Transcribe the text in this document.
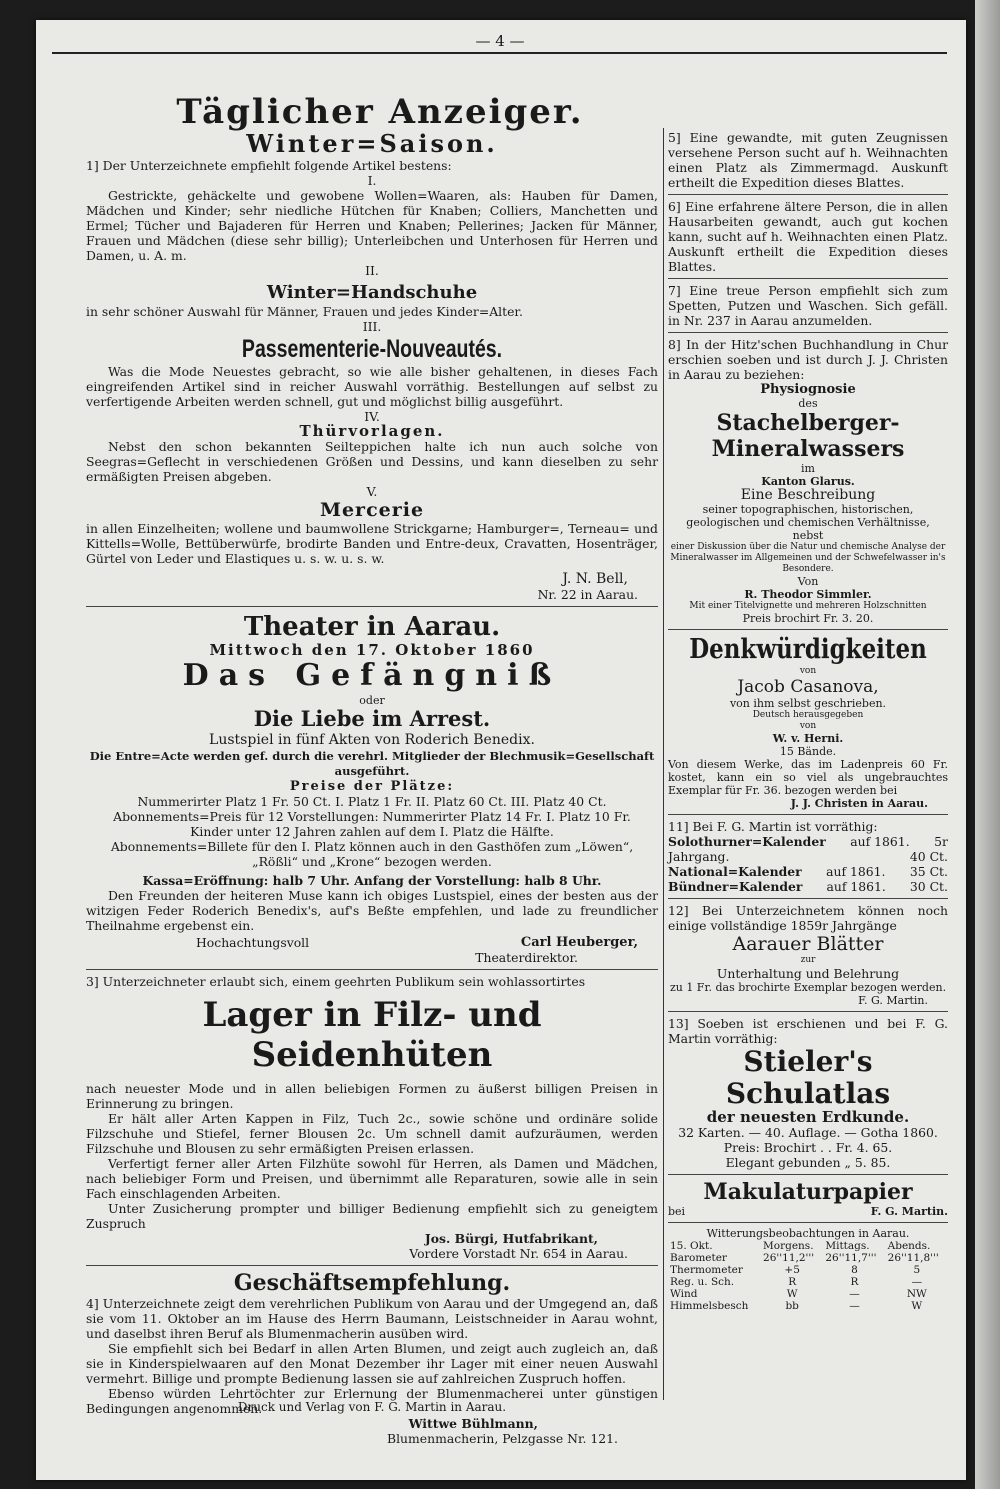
— 4 —
Täglicher Anzeiger.
Winter=Saison.

1] Der Unterzeichnete empfiehlt folgende Artikel bestens:

I.

Gestrickte, gehäckelte und gewobene Wollen=Waaren, als: Hauben für Damen, Mädchen und Kinder; sehr niedliche Hütchen für Knaben; Colliers, Manchetten und Ermel; Tücher und Bajaderen für Herren und Knaben; Pellerines; Jacken für Männer, Frauen und Mädchen (diese sehr billig); Unterleibchen und Unterhosen für Herren und Damen, u. A. m.

II.

Winter=Handschuhe

in sehr schöner Auswahl für Männer, Frauen und jedes Kinder=Alter.

III.

Passementerie-Nouveautés.

Was die Mode Neuestes gebracht, so wie alle bisher gehaltenen, in dieses Fach eingreifenden Artikel sind in reicher Auswahl vorräthig. Bestellungen auf selbst zu verfertigende Arbeiten werden schnell, gut und möglichst billig ausgeführt.

IV.

Thürvorlagen.

Nebst den schon bekannten Seilteppichen halte ich nun auch solche von Seegras=Geflecht in verschiedenen Größen und Dessins, und kann dieselben zu sehr ermäßigten Preisen abgeben.

V.

Mercerie

in allen Einzelheiten; wollene und baumwollene Strickgarne; Hamburger=, Terneau= und Kittells=Wolle, Bettüberwürfe, brodirte Banden und Entre-deux, Cravatten, Hosenträger, Gürtel von Leder und Elastiques u. s. w. u. s. w.

J. N. Bell,

Nr. 22 in Aarau.

Theater in Aarau.
Mittwoch den 17. Oktober 1860
Das Gefängniß

oder

Die Liebe im Arrest.

Lustspiel in fünf Akten von Roderich Benedix.

Die Entre=Acte werden gef. durch die verehrl. Mitglieder der Blechmusik=Gesellschaft ausgeführt.

Preise der Plätze:

Nummerirter Platz 1 Fr. 50 Ct. I. Platz 1 Fr. II. Platz 60 Ct. III. Platz 40 Ct.

Abonnements=Preis für 12 Vorstellungen: Nummerirter Platz 14 Fr. I. Platz 10 Fr.

Kinder unter 12 Jahren zahlen auf dem I. Platz die Hälfte.

Abonnements=Billete für den I. Platz können auch in den Gasthöfen zum „Löwen“, „Rößli“ und „Krone“ bezogen werden.

Kassa=Eröffnung: halb 7 Uhr. Anfang der Vorstellung: halb 8 Uhr.

Den Freunden der heiteren Muse kann ich obiges Lustspiel, eines der besten aus der witzigen Feder Roderich Benedix's, auf's Beßte empfehlen, und lade zu freundlicher Theilnahme ergebenst ein.

Hochachtungsvoll	Carl Heuberger,

Theaterdirektor.

3] Unterzeichneter erlaubt sich, einem geehrten Publikum sein wohlassortirtes

Lager in Filz- und Seidenhüten

nach neuester Mode und in allen beliebigen Formen zu äußerst billigen Preisen in Erinnerung zu bringen.

Er hält aller Arten Kappen in Filz, Tuch 2c., sowie schöne und ordinäre solide Filzschuhe und Stiefel, ferner Blousen 2c. Um schnell damit aufzuräumen, werden Filzschuhe und Blousen zu sehr ermäßigten Preisen erlassen.

Verfertigt ferner aller Arten Filzhüte sowohl für Herren, als Damen und Mädchen, nach beliebiger Form und Preisen, und übernimmt alle Reparaturen, sowie alle in sein Fach einschlagenden Arbeiten.

Unter Zusicherung prompter und billiger Bedienung empfiehlt sich zu geneigtem Zuspruch

Jos. Bürgi, Hutfabrikant,

Vordere Vorstadt Nr. 654 in Aarau.

Geschäftsempfehlung.

4] Unterzeichnete zeigt dem verehrlichen Publikum von Aarau und der Umgegend an, daß sie vom 11. Oktober an im Hause des Herrn Baumann, Leistschneider in Aarau wohnt, und daselbst ihren Beruf als Blumenmacherin ausüben wird.

Sie empfiehlt sich bei Bedarf in allen Arten Blumen, und zeigt auch zugleich an, daß sie in Kinderspielwaaren auf den Monat Dezember ihr Lager mit einer neuen Auswahl vermehrt. Billige und prompte Bedienung lassen sie auf zahlreichen Zuspruch hoffen.

Ebenso würden Lehrtöchter zur Erlernung der Blumenmacherei unter günstigen Bedingungen angenommen.

Wittwe Bühlmann,

Blumenmacherin, Pelzgasse Nr. 121.

Druck und Verlag von F. G. Martin in Aarau.

5] Eine gewandte, mit guten Zeugnissen versehene Person sucht auf h. Weihnachten einen Platz als Zimmermagd. Auskunft ertheilt die Expedition dieses Blattes.

6] Eine erfahrene ältere Person, die in allen Hausarbeiten gewandt, auch gut kochen kann, sucht auf h. Weihnachten einen Platz. Auskunft ertheilt die Expedition dieses Blattes.

7] Eine treue Person empfiehlt sich zum Spetten, Putzen und Waschen. Sich gefäll. in Nr. 237 in Aarau anzumelden.

8] In der Hitz'schen Buchhandlung in Chur erschien soeben und ist durch J. J. Christen in Aarau zu beziehen:

Physiognosie

des

Stachelberger-Mineralwassers

im

Kanton Glarus.

Eine Beschreibung

seiner topographischen, historischen, geologischen und chemischen Verhältnisse,

nebst

einer Diskussion über die Natur und chemische Analyse der Mineralwasser im Allgemeinen und der Schwefelwasser in's Besondere.

Von

R. Theodor Simmler.

Mit einer Titelvignette und mehreren Holzschnitten

Preis brochirt Fr. 3. 20.

Denkwürdigkeiten

von

Jacob Casanova,

von ihm selbst geschrieben.

Deutsch herausgegeben

von

W. v. Herni.

15 Bände.

Von diesem Werke, das im Ladenpreis 60 Fr. kostet, kann ein so viel als ungebrauchtes Exemplar für Fr. 36. bezogen werden bei

J. J. Christen in Aarau.

11] Bei F. G. Martin ist vorräthig:

Solothurner=Kalender auf 1861. 5r
Jahrgang.	40 Ct.
National=Kalender auf 1861. 35 Ct.
Bündner=Kalender auf 1861. 30 Ct.

12] Bei Unterzeichnetem können noch einige vollständige 1859r Jahrgänge

Aarauer Blätter

zur

Unterhaltung und Belehrung

zu 1 Fr. das brochirte Exemplar bezogen werden.

F. G. Martin.

13] Soeben ist erschienen und bei F. G. Martin vorräthig:

Stieler's Schulatlas
der neuesten Erdkunde.

32 Karten. — 40. Auflage. — Gotha 1860.

Preis: Brochirt . . Fr. 4. 65.

Elegant gebunden „ 5. 85.

Makulaturpapier
bei	F. G. Martin.

Witterungsbeobachtungen in Aarau.

15. Okt.	Morgens.	Mittags.	Abends.
Barometer	26''11,2'''	26''11,7'''	26''11,8'''
Thermometer	+5	8	5
Reg. u. Sch.	R	R	—
Wind	W	—	NW
Himmelsbesch	bb	—	W
